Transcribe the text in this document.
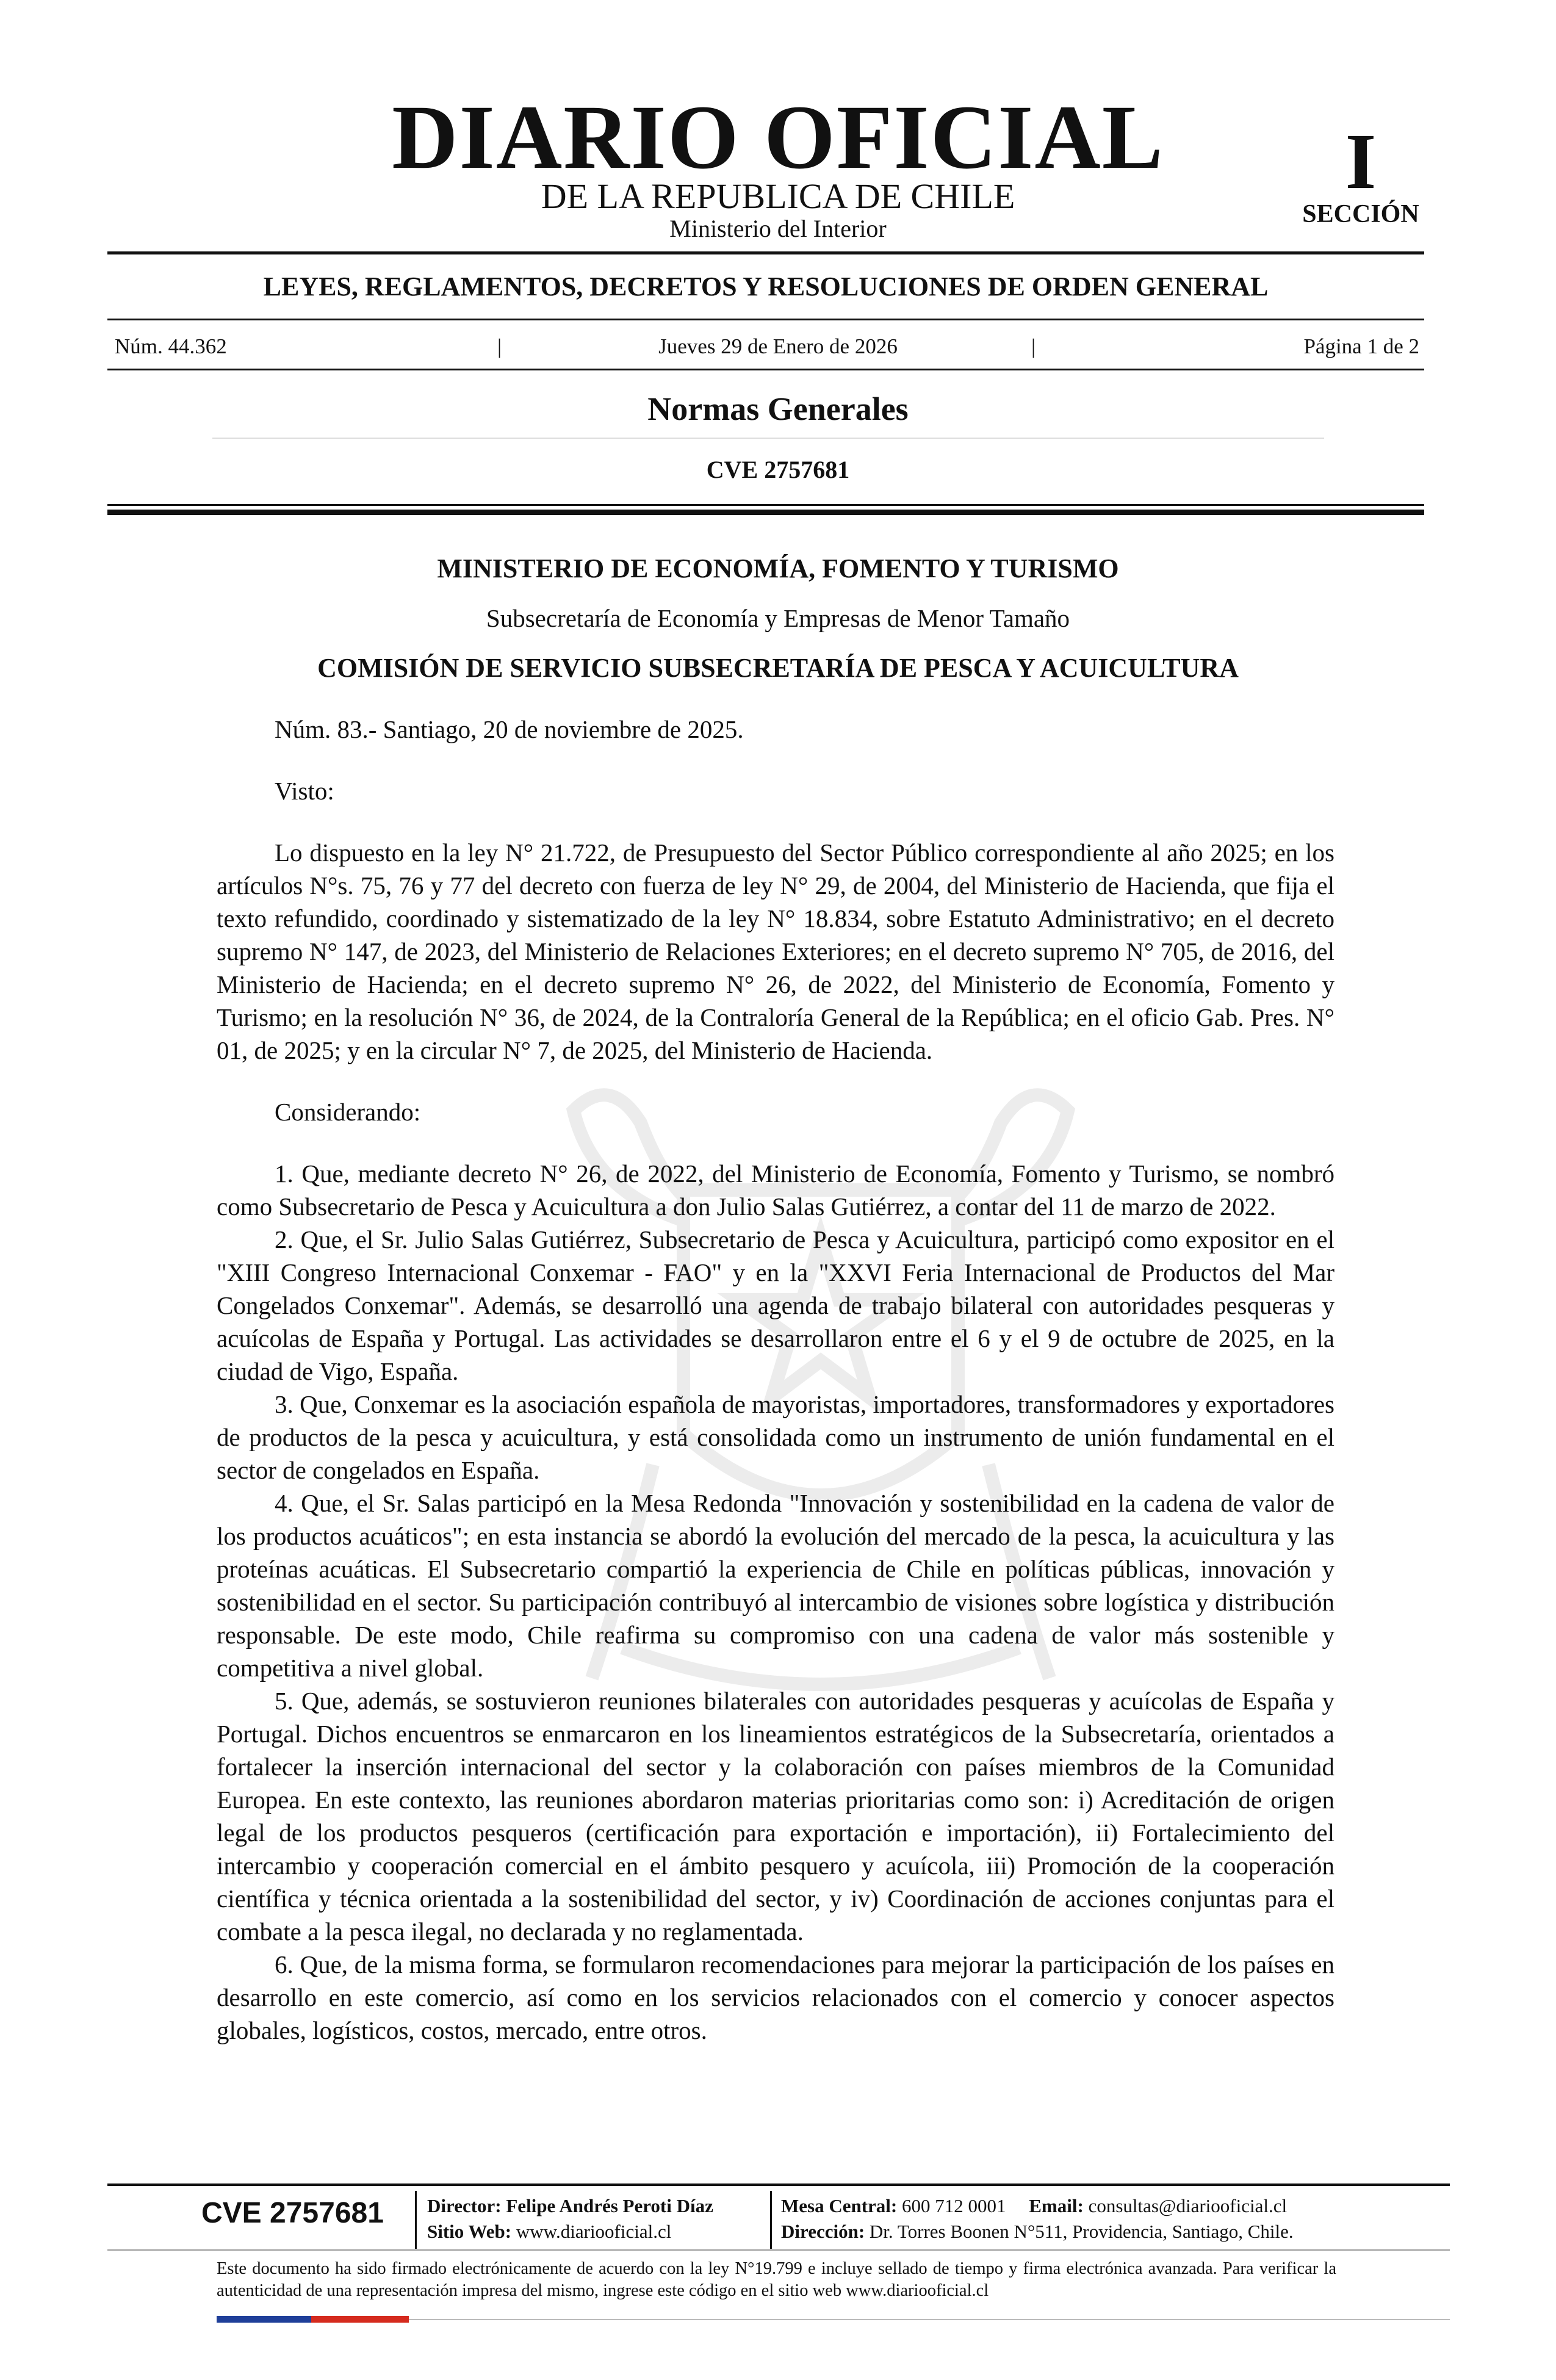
DIARIO OFICIAL
DE LA REPUBLICA DE CHILE
Ministerio del Interior
I
SECCIÓN
LEYES, REGLAMENTOS, DECRETOS Y RESOLUCIONES DE ORDEN GENERAL
Núm. 44.362	|	Jueves 29 de Enero de 2026	|	Página 1 de 2
Normas Generales
CVE 2757681
MINISTERIO DE ECONOMÍA, FOMENTO Y TURISMO
Subsecretaría de Economía y Empresas de Menor Tamaño
COMISIÓN DE SERVICIO SUBSECRETARÍA DE PESCA Y ACUICULTURA

Núm. 83.- Santiago, 20 de noviembre de 2025.

Visto:

Lo dispuesto en la ley N° 21.722, de Presupuesto del Sector Público correspondiente al año 2025; en los artículos N°s. 75, 76 y 77 del decreto con fuerza de ley N° 29, de 2004, del Ministerio de Hacienda, que fija el texto refundido, coordinado y sistematizado de la ley N° 18.834, sobre Estatuto Administrativo; en el decreto supremo N° 147, de 2023, del Ministerio de Relaciones Exteriores; en el decreto supremo N° 705, de 2016, del Ministerio de Hacienda; en el decreto supremo N° 26, de 2022, del Ministerio de Economía, Fomento y Turismo; en la resolución N° 36, de 2024, de la Contraloría General de la República; en el oficio Gab. Pres. N° 01, de 2025; y en la circular N° 7, de 2025, del Ministerio de Hacienda.

Considerando:

1. Que, mediante decreto N° 26, de 2022, del Ministerio de Economía, Fomento y Turismo, se nombró como Subsecretario de Pesca y Acuicultura a don Julio Salas Gutiérrez, a contar del 11 de marzo de 2022.

2. Que, el Sr. Julio Salas Gutiérrez, Subsecretario de Pesca y Acuicultura, participó como expositor en el "XIII Congreso Internacional Conxemar - FAO" y en la "XXVI Feria Internacional de Productos del Mar Congelados Conxemar". Además, se desarrolló una agenda de trabajo bilateral con autoridades pesqueras y acuícolas de España y Portugal. Las actividades se desarrollaron entre el 6 y el 9 de octubre de 2025, en la ciudad de Vigo, España.

3. Que, Conxemar es la asociación española de mayoristas, importadores, transformadores y exportadores de productos de la pesca y acuicultura, y está consolidada como un instrumento de unión fundamental en el sector de congelados en España.

4. Que, el Sr. Salas participó en la Mesa Redonda "Innovación y sostenibilidad en la cadena de valor de los productos acuáticos"; en esta instancia se abordó la evolución del mercado de la pesca, la acuicultura y las proteínas acuáticas. El Subsecretario compartió la experiencia de Chile en políticas públicas, innovación y sostenibilidad en el sector. Su participación contribuyó al intercambio de visiones sobre logística y distribución responsable. De este modo, Chile reafirma su compromiso con una cadena de valor más sostenible y competitiva a nivel global.

5. Que, además, se sostuvieron reuniones bilaterales con autoridades pesqueras y acuícolas de España y Portugal. Dichos encuentros se enmarcaron en los lineamientos estratégicos de la Subsecretaría, orientados a fortalecer la inserción internacional del sector y la colaboración con países miembros de la Comunidad Europea. En este contexto, las reuniones abordaron materias prioritarias como son: i) Acreditación de origen legal de los productos pesqueros (certificación para exportación e importación), ii) Fortalecimiento del intercambio y cooperación comercial en el ámbito pesquero y acuícola, iii) Promoción de la cooperación científica y técnica orientada a la sostenibilidad del sector, y iv) Coordinación de acciones conjuntas para el combate a la pesca ilegal, no declarada y no reglamentada.

6. Que, de la misma forma, se formularon recomendaciones para mejorar la participación de los países en desarrollo en este comercio, así como en los servicios relacionados con el comercio y conocer aspectos globales, logísticos, costos, mercado, entre otros.

CVE 2757681 Director: Felipe Andrés Peroti Díaz
Sitio Web: www.diariooficial.cl
Mesa Central: 600 712 0001 Email: consultas@diariooficial.cl
Dirección: Dr. Torres Boonen N°511, Providencia, Santiago, Chile.
Este documento ha sido firmado electrónicamente de acuerdo con la ley N°19.799 e incluye sellado de tiempo y firma electrónica avanzada. Para verificar la autenticidad de una representación impresa del mismo, ingrese este código en el sitio web www.diariooficial.cl
